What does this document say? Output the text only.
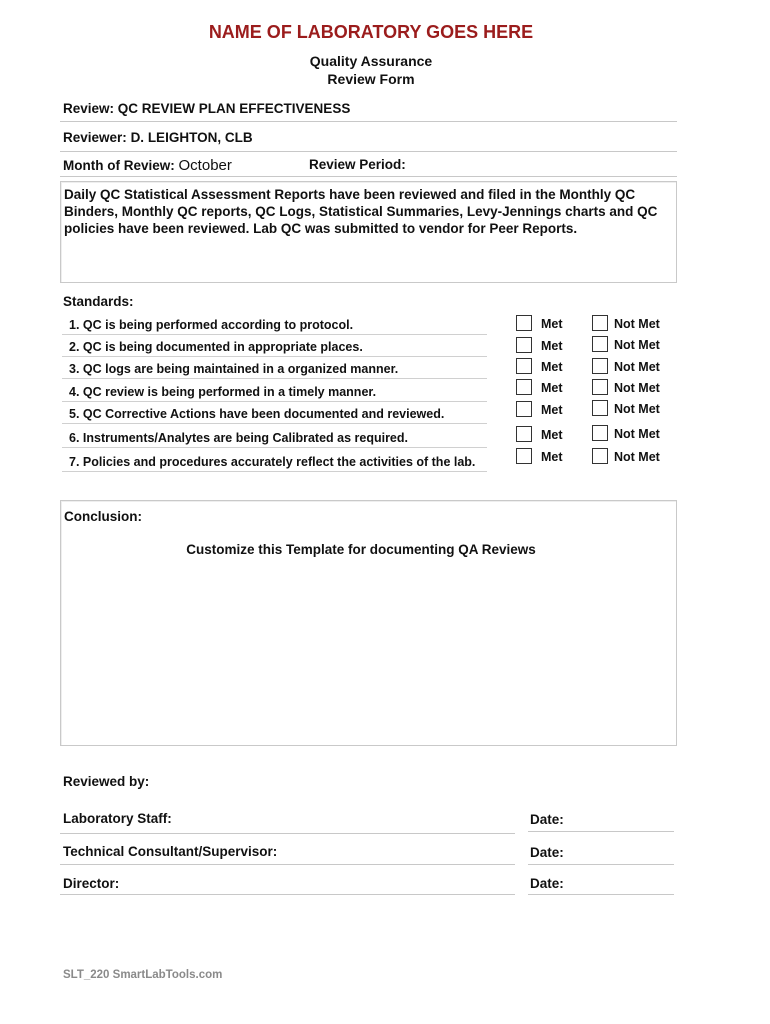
NAME OF LABORATORY GOES HERE
Quality Assurance
Review Form
Review: QC REVIEW PLAN EFFECTIVENESS
Reviewer: D. LEIGHTON, CLB
Month of Review: October	Review Period:
Daily QC Statistical Assessment Reports have been reviewed and filed in the Monthly QC Binders, Monthly QC reports, QC Logs, Statistical Summaries, Levy-Jennings charts and QC policies have been reviewed. Lab QC was submitted to vendor for Peer Reports.
Standards:
1. QC is being performed according to protocol.	Met	Not Met
2. QC is being documented in appropriate places.	Met	Not Met
3. QC logs are being maintained in a organized manner.	Met	Not Met
4. QC review is being performed in a timely manner.	Met	Not Met
5. QC Corrective Actions have been documented and reviewed.	Met	Not Met
6. Instruments/Analytes are being Calibrated as required.	Met	Not Met
7. Policies and procedures accurately reflect the activities of the lab.	Met	Not Met
Conclusion:
Customize this Template for documenting QA Reviews
Reviewed by:
Laboratory Staff:	Date:
Technical Consultant/Supervisor:	Date:
Director:	Date:
SLT_220 SmartLabTools.com
